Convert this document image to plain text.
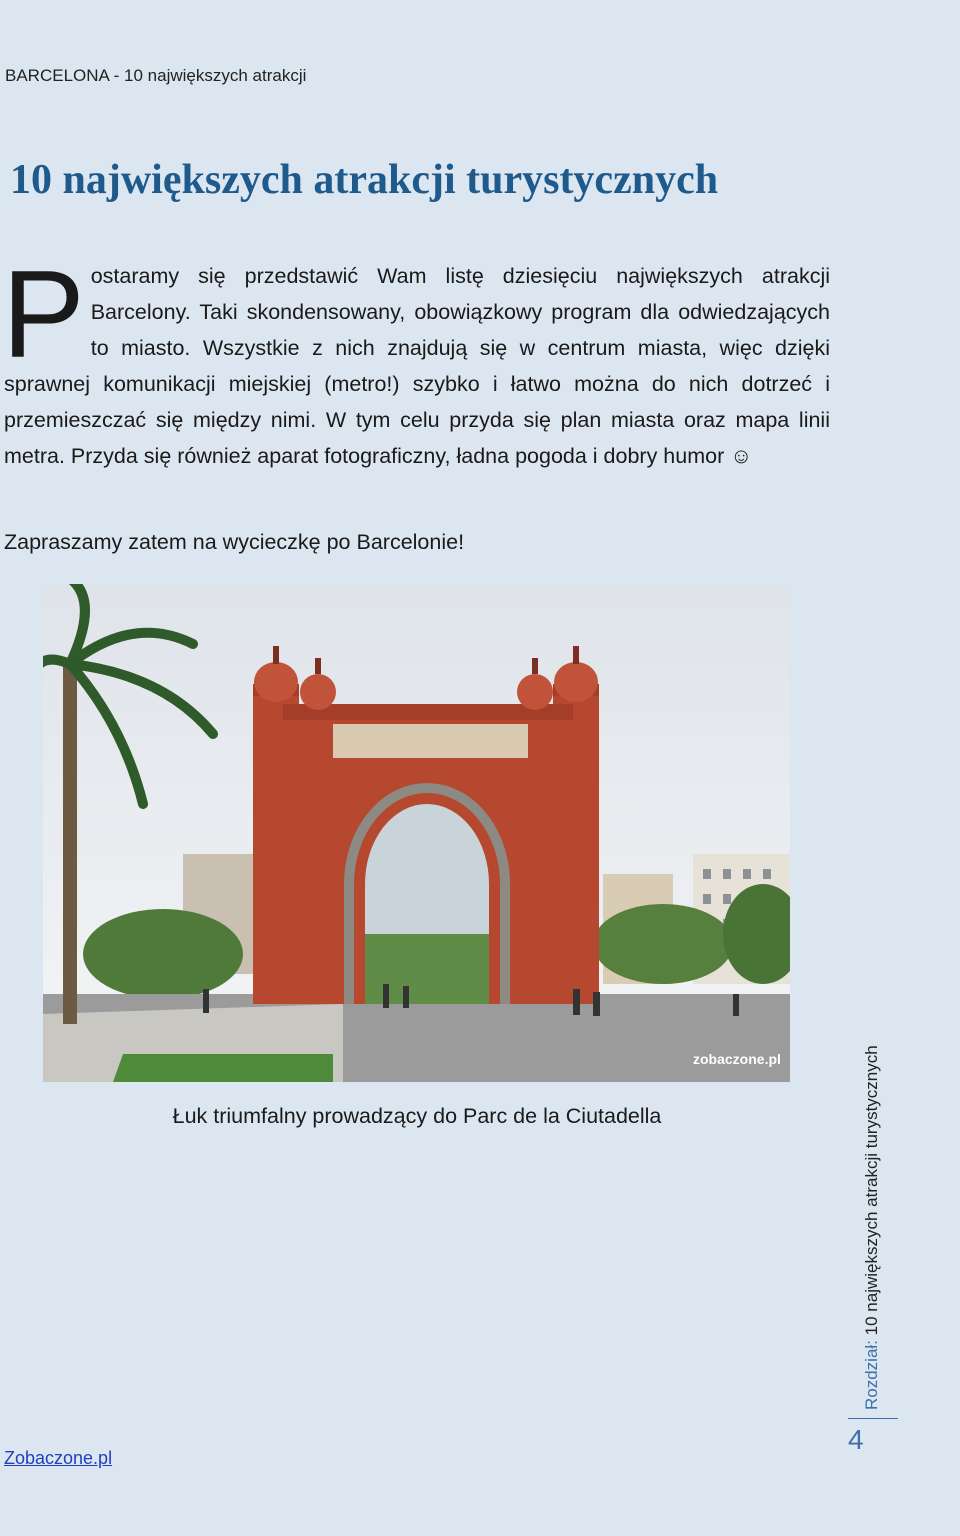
BARCELONA - 10 największych atrakcji
10 największych atrakcji turystycznych

Postaramy się przedstawić Wam listę dziesięciu największych atrakcji Barcelony. Taki skondensowany, obowiązkowy program dla odwiedzających to miasto. Wszystkie z nich znajdują się w centrum miasta, więc dzięki sprawnej komunikacji miejskiej (metro!) szybko i łatwo można do nich dotrzeć i przemieszczać się między nimi. W tym celu przyda się plan miasta oraz mapa linii metra. Przyda się również aparat fotograficzny, ładna pogoda i dobry humor ☺

Zapraszamy zatem na wycieczkę po Barcelonie!

zobaczone.pl

Łuk triumfalny prowadzący do Parc de la Ciutadella

Rozdział: 10 największych atrakcji turystycznych
4
Zobaczone.pl
